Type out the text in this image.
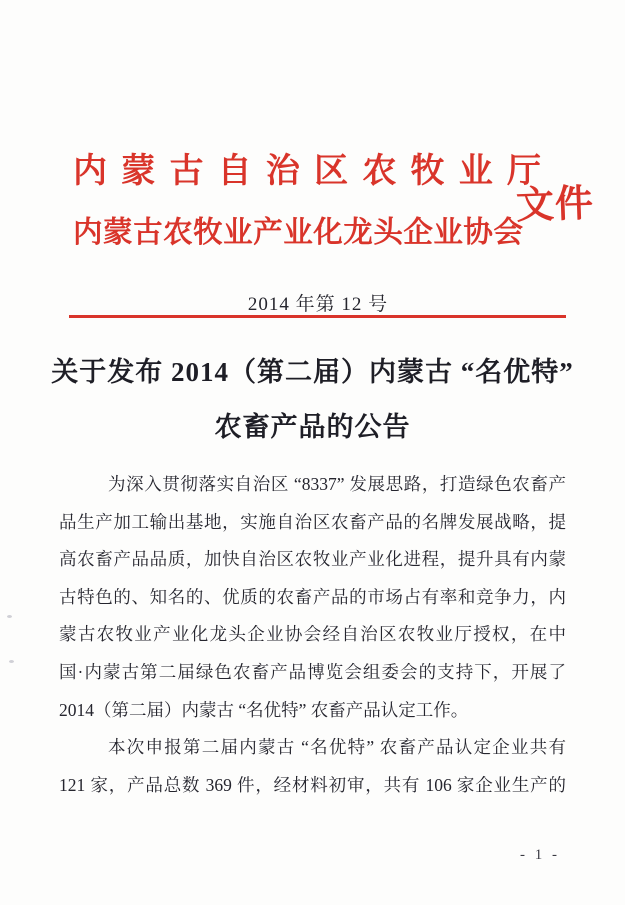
内 蒙 古 自 治 区 农 牧 业 厅
文件
内 蒙 古 农 牧 业 产 业 化 龙 头 企 业 协 会
2014 年第 12 号
关于发布 2014（第二届）内蒙古 “名优特”
农畜产品的公告
为深入贯彻落实自治区 “8337” 发展思路，打造绿色农畜产
品生产加工输出基地，实施自治区农畜产品的名牌发展战略，提
高农畜产品品质，加快自治区农牧业产业化进程，提升具有内蒙
古特色的、知名的、优质的农畜产品的市场占有率和竞争力，内
蒙古农牧业产业化龙头企业协会经自治区农牧业厅授权，在中
国·内蒙古第二届绿色农畜产品博览会组委会的支持下，开展了
2014（第二届）内蒙古 “名优特” 农畜产品认定工作。
本次申报第二届内蒙古 “名优特” 农畜产品认定企业共有
121 家，产品总数 369 件，经材料初审，共有 106 家企业生产的
- 1 -
